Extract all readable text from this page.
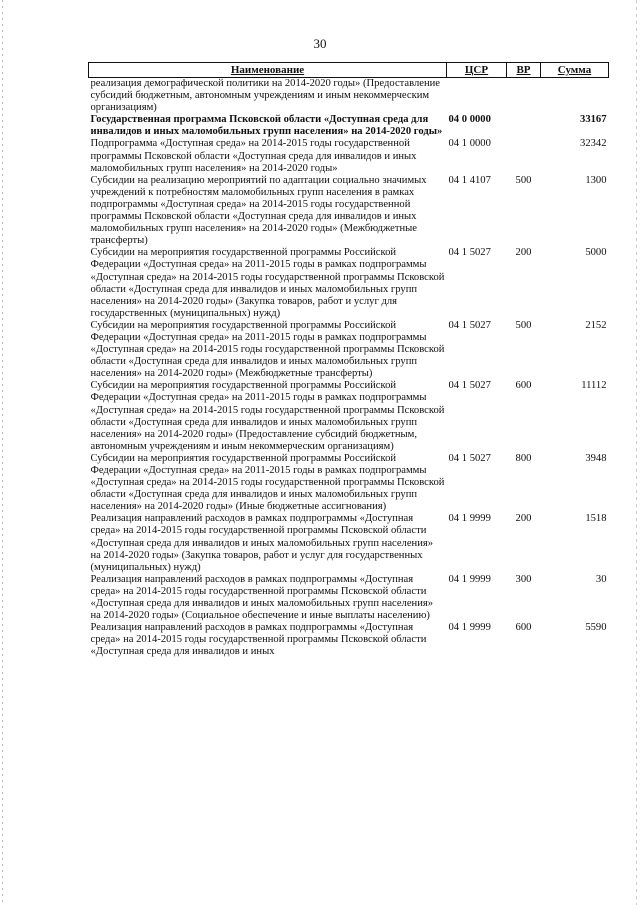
30
Наименование	ЦСР	ВР	Сумма
реализация демографической политики на 2014-2020 годы» (Предоставление субсидий бюджетным, автономным учреждениям и иным некоммерческим организациям)			
Государственная программа Псковской области «Доступная среда для инвалидов и иных маломобильных групп населения» на 2014-2020 годы»	04 0 0000		33167
Подпрограмма «Доступная среда» на 2014-2015 годы государственной программы Псковской области «Доступная среда для инвалидов и иных маломобильных групп населения» на 2014-2020 годы»	04 1 0000		32342
Субсидии на реализацию мероприятий по адаптации социально значимых учреждений к потребностям маломобильных групп населения в рамках подпрограммы «Доступная среда» на 2014-2015 годы государственной программы Псковской области «Доступная среда для инвалидов и иных маломобильных групп населения» на 2014-2020 годы» (Межбюджетные трансферты)	04 1 4107	500	1300
Субсидии на мероприятия государственной программы Российской Федерации «Доступная среда» на 2011-2015 годы в рамках подпрограммы «Доступная среда» на 2014-2015 годы государственной программы Псковской области «Доступная среда для инвалидов и иных маломобильных групп населения» на 2014-2020 годы» (Закупка товаров, работ и услуг для государственных (муниципальных) нужд)	04 1 5027	200	5000
Субсидии на мероприятия государственной программы Российской Федерации «Доступная среда» на 2011-2015 годы в рамках подпрограммы «Доступная среда» на 2014-2015 годы государственной программы Псковской области «Доступная среда для инвалидов и иных маломобильных групп населения» на 2014-2020 годы» (Межбюджетные трансферты)	04 1 5027	500	2152
Субсидии на мероприятия государственной программы Российской Федерации «Доступная среда» на 2011-2015 годы в рамках подпрограммы «Доступная среда» на 2014-2015 годы государственной программы Псковской области «Доступная среда для инвалидов и иных маломобильных групп населения» на 2014-2020 годы» (Предоставление субсидий бюджетным, автономным учреждениям и иным некоммерческим организациям)	04 1 5027	600	11112
Субсидии на мероприятия государственной программы Российской Федерации «Доступная среда» на 2011-2015 годы в рамках подпрограммы «Доступная среда» на 2014-2015 годы государственной программы Псковской области «Доступная среда для инвалидов и иных маломобильных групп населения» на 2014-2020 годы» (Иные бюджетные ассигнования)	04 1 5027	800	3948
Реализация направлений расходов в рамках подпрограммы «Доступная среда» на 2014-2015 годы государственной программы Псковской области «Доступная среда для инвалидов и иных маломобильных групп населения» на 2014-2020 годы» (Закупка товаров, работ и услуг для государственных (муниципальных) нужд)	04 1 9999	200	1518
Реализация направлений расходов в рамках подпрограммы «Доступная среда» на 2014-2015 годы государственной программы Псковской области «Доступная среда для инвалидов и иных маломобильных групп населения» на 2014-2020 годы» (Социальное обеспечение и иные выплаты населению)	04 1 9999	300	30
Реализация направлений расходов в рамках подпрограммы «Доступная среда» на 2014-2015 годы государственной программы Псковской области «Доступная среда для инвалидов и иных	04 1 9999	600	5590
